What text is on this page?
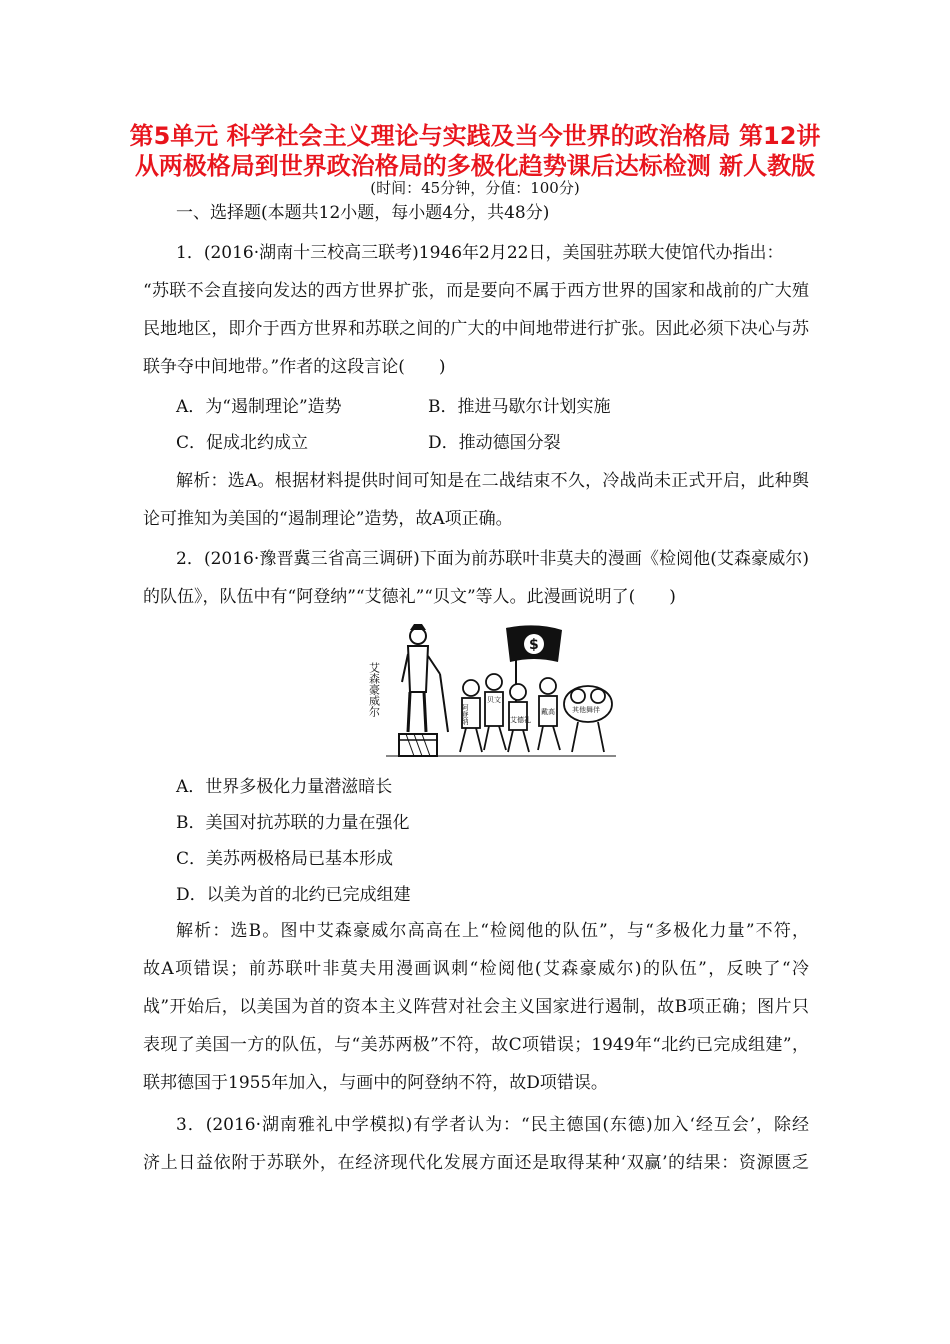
第5单元 科学社会主义理论与实践及当今世界的政治格局 第12讲
从两极格局到世界政治格局的多极化趋势课后达标检测 新人教版
(时间：45分钟，分值：100分)
一、选择题(本题共12小题，每小题4分，共48分)
1．(2016·湖南十三校高三联考)1946年2月22日，美国驻苏联大使馆代办指出：
“苏联不会直接向发达的西方世界扩张，而是要向不属于西方世界的国家和战前的广大殖
民地地区，即介于西方世界和苏联之间的广大的中间地带进行扩张。因此必须下决心与苏
联争夺中间地带。”作者的这段言论(　　)
A．为“遏制理论”造势	B．推进马歇尔计划实施
C．促成北约成立	D．推动德国分裂
解析：选A。根据材料提供时间可知是在二战结束不久，冷战尚未正式开启，此种舆
论可推知为美国的“遏制理论”造势，故A项正确。
2．(2016·豫晋冀三省高三调研)下面为前苏联叶非莫夫的漫画《检阅他(艾森豪威尔)
的队伍》，队伍中有“阿登纳”“艾德礼”“贝文”等人。此漫画说明了(　　)
艾森豪威尔
$
阿登纳
贝文
艾德礼
戴高 其他舞伴
A．世界多极化力量潜滋暗长
B．美国对抗苏联的力量在强化
C．美苏两极格局已基本形成
D．以美为首的北约已完成组建
解析：选B。图中艾森豪威尔高高在上“检阅他的队伍”，与“多极化力量”不符，
故A项错误；前苏联叶非莫夫用漫画讽刺“检阅他(艾森豪威尔)的队伍”，反映了“冷
战”开始后，以美国为首的资本主义阵营对社会主义国家进行遏制，故B项正确；图片只
表现了美国一方的队伍，与“美苏两极”不符，故C项错误；1949年“北约已完成组建”，
联邦德国于1955年加入，与画中的阿登纳不符，故D项错误。
3．(2016·湖南雅礼中学模拟)有学者认为：“民主德国(东德)加入‘经互会’，除经
济上日益依附于苏联外，在经济现代化发展方面还是取得某种‘双赢’的结果：资源匮乏
